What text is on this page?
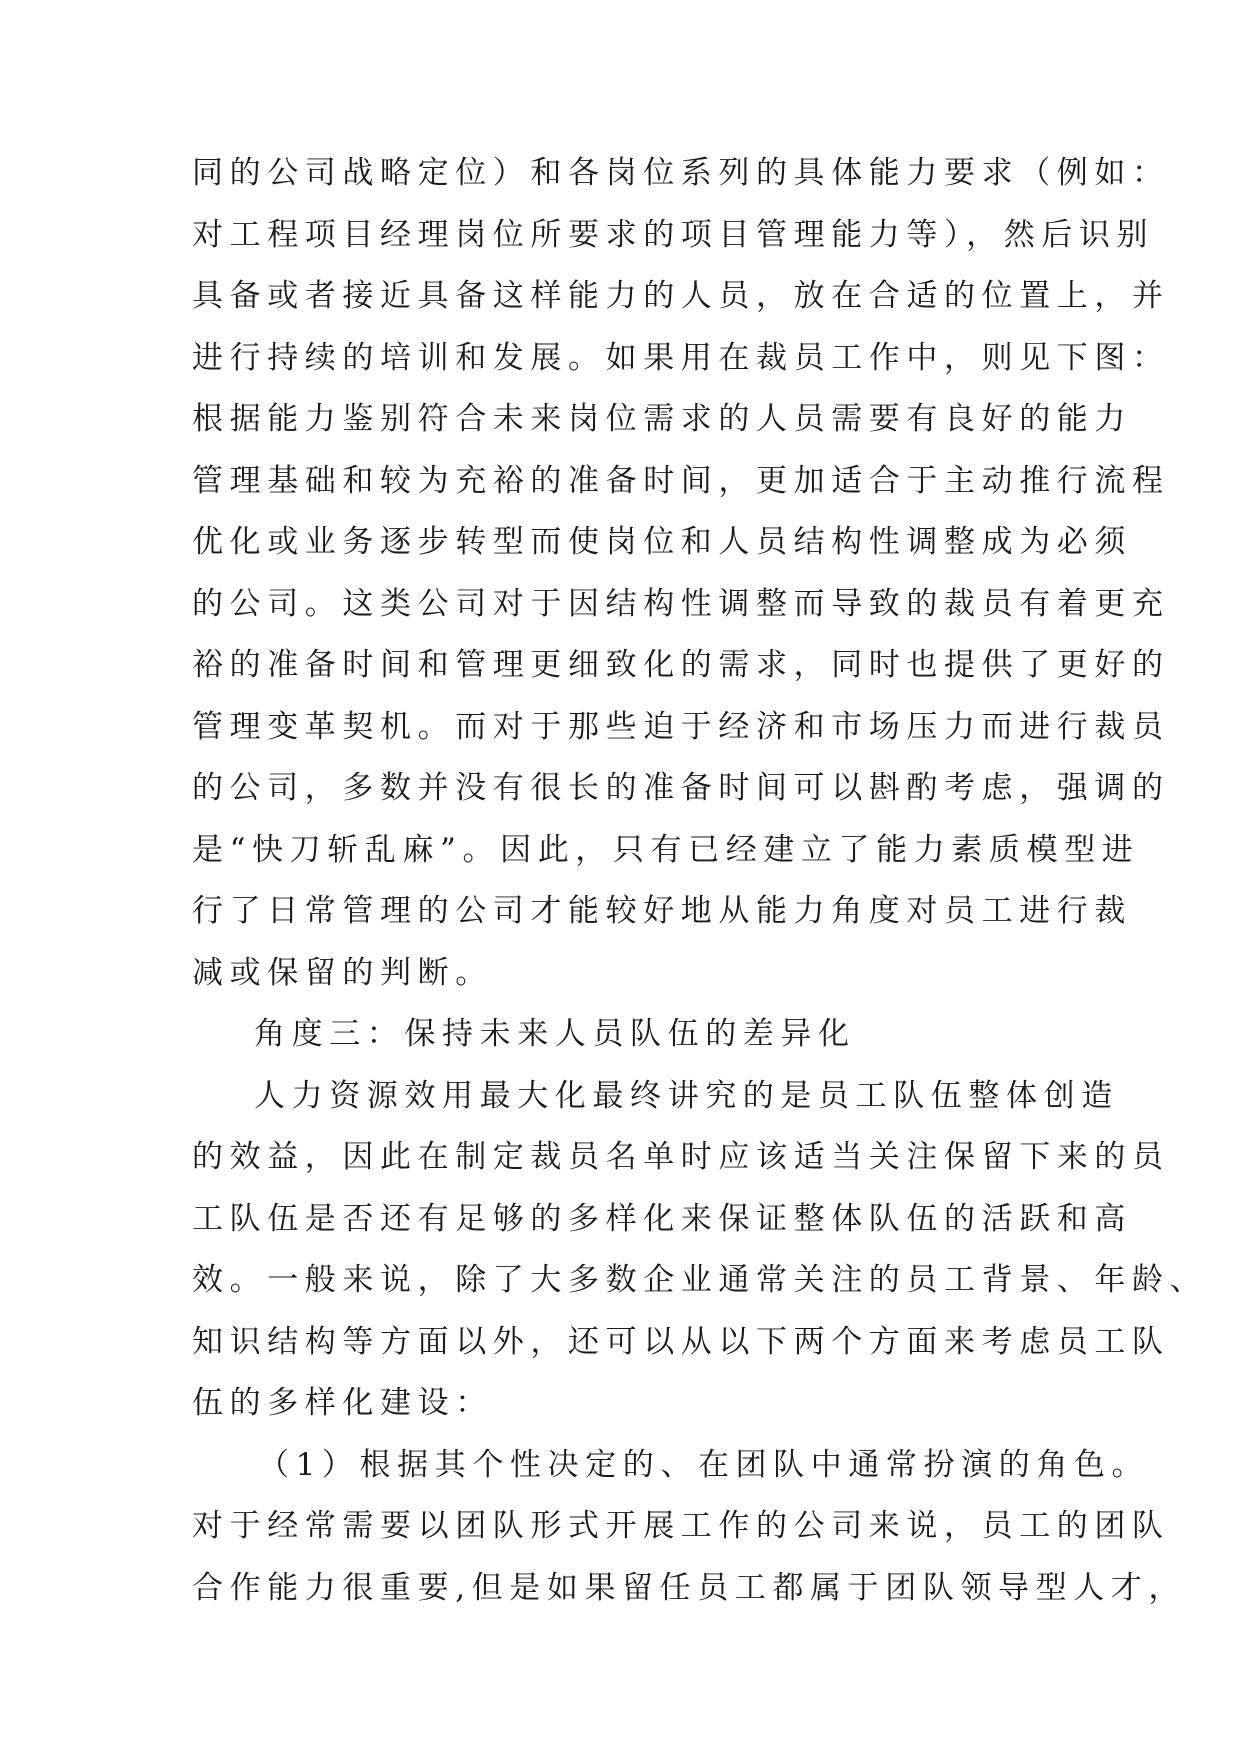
同的公司战略定位）和各岗位系列的具体能力要求（例如：
对工程项目经理岗位所要求的项目管理能力等），然后识别
具备或者接近具备这样能力的人员，放在合适的位置上，并
进行持续的培训和发展。如果用在裁员工作中，则见下图：
根据能力鉴别符合未来岗位需求的人员需要有良好的能力
管理基础和较为充裕的准备时间，更加适合于主动推行流程
优化或业务逐步转型而使岗位和人员结构性调整成为必须
的公司。这类公司对于因结构性调整而导致的裁员有着更充
裕的准备时间和管理更细致化的需求，同时也提供了更好的
管理变革契机。而对于那些迫于经济和市场压力而进行裁员
的公司，多数并没有很长的准备时间可以斟酌考虑，强调的
是“快刀斩乱麻”。因此，只有已经建立了能力素质模型进
行了日常管理的公司才能较好地从能力角度对员工进行裁
减或保留的判断。
角度三：保持未来人员队伍的差异化
人力资源效用最大化最终讲究的是员工队伍整体创造
的效益，因此在制定裁员名单时应该适当关注保留下来的员
工队伍是否还有足够的多样化来保证整体队伍的活跃和高
效。一般来说，除了大多数企业通常关注的员工背景、年龄、
知识结构等方面以外，还可以从以下两个方面来考虑员工队
伍的多样化建设：
（1）根据其个性决定的、在团队中通常扮演的角色。
对于经常需要以团队形式开展工作的公司来说，员工的团队
合作能力很重要,但是如果留任员工都属于团队领导型人才，
